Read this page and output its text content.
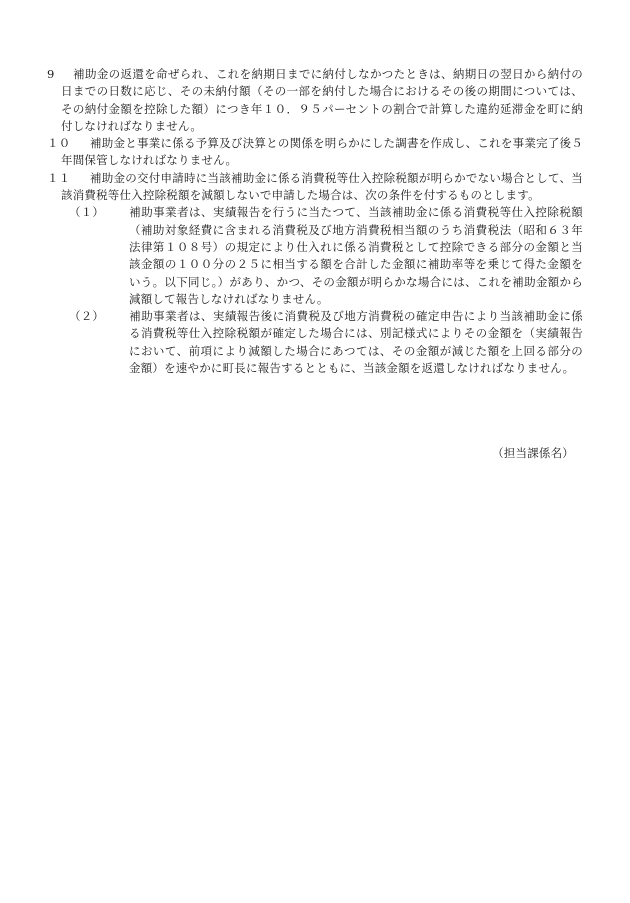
9 補助金の返還を命ぜられ、これを納期日までに納付しなかつたときは、納期日の翌日から納付の日までの日数に応じ、その未納付額（その一部を納付した場合におけるその後の期間については、その納付金額を控除した額）につき年１０．９５パーセントの割合で計算した違約延滞金を町に納付しなければなりません。

１０ 補助金と事業に係る予算及び決算との関係を明らかにした調書を作成し、これを事業完了後５年間保管しなければなりません。

１１ 補助金の交付申請時に当該補助金に係る消費税等仕入控除税額が明らかでない場合として、当該消費税等仕入控除税額を減額しないで申請した場合は、次の条件を付するものとします。
（１） 補助事業者は、実績報告を行うに当たつて、当該補助金に係る消費税等仕入控除税額（補助対象経費に含まれる消費税及び地方消費税相当額のうち消費税法（昭和６３年法律第１０８号）の規定により仕入れに係る消費税として控除できる部分の金額と当該金額の１００分の２５に相当する額を合計した金額に補助率等を乗じて得た金額をいう。以下同じ。）があり、かつ、その金額が明らかな場合には、これを補助金額から減額して報告しなければなりません。
（２） 補助事業者は、実績報告後に消費税及び地方消費税の確定申告により当該補助金に係る消費税等仕入控除税額が確定した場合には、別記様式によりその金額を（実績報告において、前項により減額した場合にあつては、その金額が減じた額を上回る部分の金額）を速やかに町長に報告するとともに、当該金額を返還しなければなりません。

（担当課係名）
